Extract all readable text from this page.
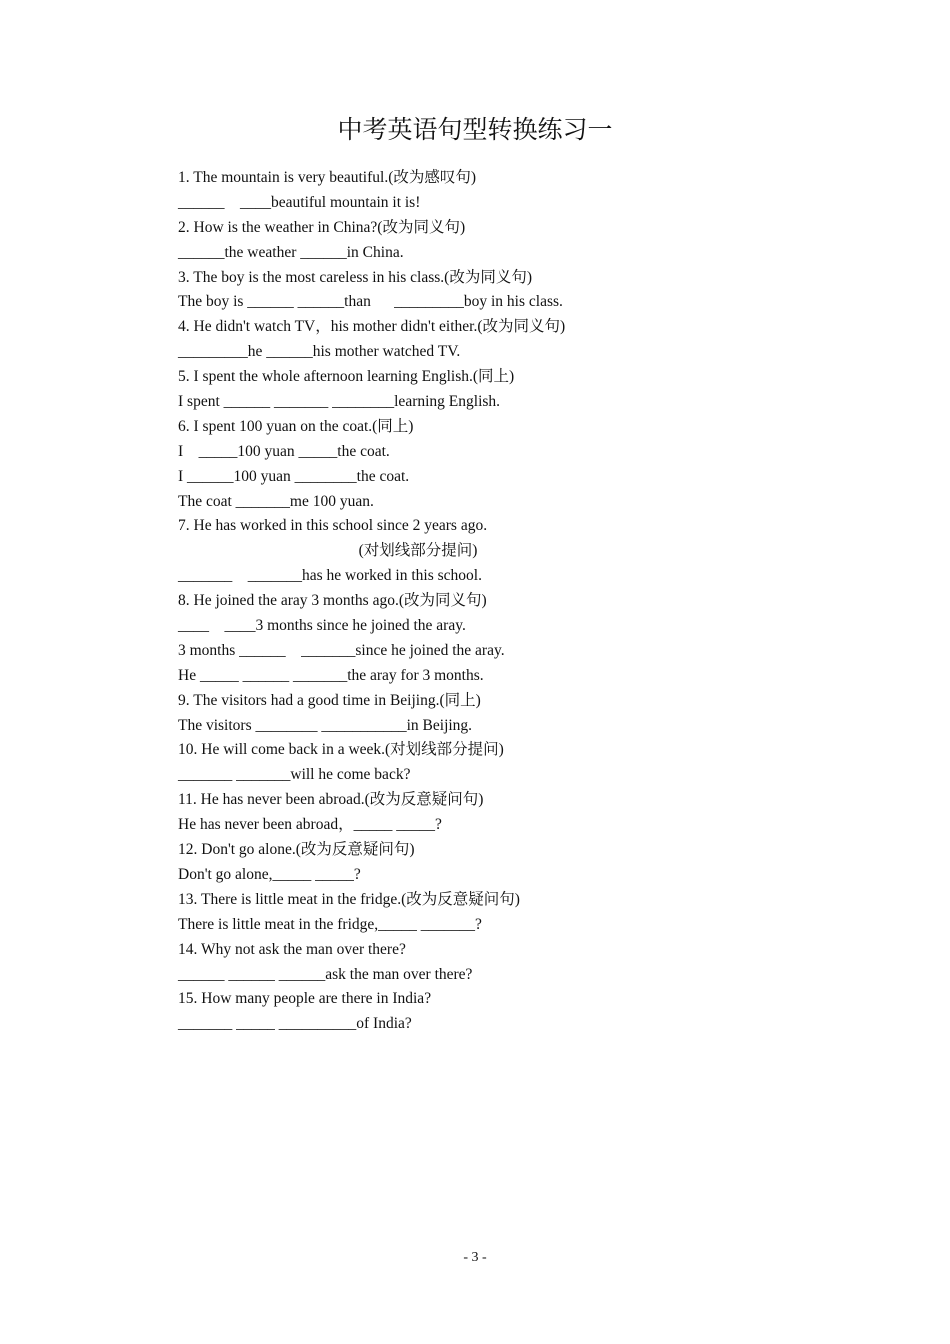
中考英语句型转换练习一
1. The mountain is very beautiful.(改为感叹句)
______    ____beautiful mountain it is!
2. How is the weather in China?(改为同义句)
______the weather ______in China.
3. The boy is the most careless in his class.(改为同义句)
The boy is ______ ______than      _________boy in his class.
4. He didn't watch TV，his mother didn't either.(改为同义句)
_________he ______his mother watched TV.
5. I spent the whole afternoon learning English.(同上)
I spent ______ _______ ________learning English.
6. I spent 100 yuan on the coat.(同上)
I    _____100 yuan _____the coat.
I ______100 yuan ________the coat.
The coat _______me 100 yuan.
7. He has worked in this school since 2 years ago.
(对划线部分提问)
_______    _______has he worked in this school.
8. He joined the aray 3 months ago.(改为同义句)
____    ____3 months since he joined the aray.
3 months ______    _______since he joined the aray.
He _____ ______ _______the aray for 3 months.
9. The visitors had a good time in Beijing.(同上)
The visitors ________ ___________in Beijing.
10. He will come back in a week.(对划线部分提问)
_______ _______will he come back?
11. He has never been abroad.(改为反意疑问句)
He has never been abroad，_____ _____?
12. Don't go alone.(改为反意疑问句)
Don't go alone,_____ _____?
13. There is little meat in the fridge.(改为反意疑问句)
There is little meat in the fridge,_____ _______?
14. Why not ask the man over there?
______ ______ ______ask the man over there?
15. How many people are there in India?
_______ _____ __________of India?
- 3 -
